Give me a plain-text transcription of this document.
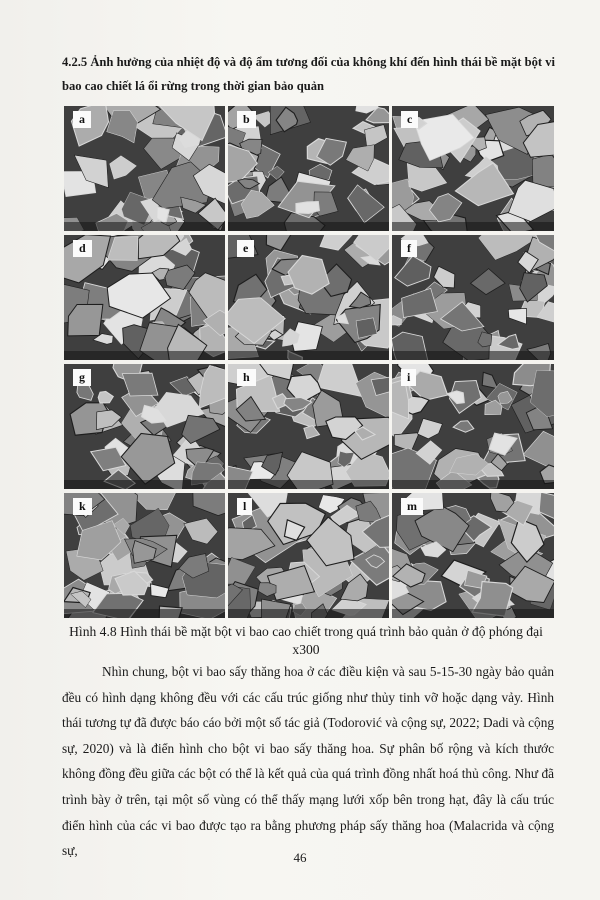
4.2.5 Ảnh hưởng của nhiệt độ và độ ẩm tương đối của không khí đến hình thái bề mặt bột vi bao cao chiết lá ổi rừng trong thời gian bảo quản

a	b	c
d	e	f
g	h	i
k	l	m

Hình 4.8 Hình thái bề mặt bột vi bao cao chiết trong quá trình bảo quản ở độ phóng đại x300

Nhìn chung, bột vi bao sấy thăng hoa ở các điều kiện và sau 5-15-30 ngày bảo quản đều có hình dạng không đều với các cấu trúc giống như thủy tinh vỡ hoặc dạng vảy. Hình thái tương tự đã được báo cáo bởi một số tác giả (Todorović và cộng sự, 2022; Dadi và cộng sự, 2020) và là điển hình cho bột vi bao sấy thăng hoa. Sự phân bố rộng và kích thước không đồng đều giữa các bột có thể là kết quả của quá trình đồng nhất hoá thủ công. Như đã trình bày ở trên, tại một số vùng có thể thấy mạng lưới xốp bên trong hạt, đây là cấu trúc điển hình của các vi bao được tạo ra bằng phương pháp sấy thăng hoa (Malacrida và cộng sự,	46
